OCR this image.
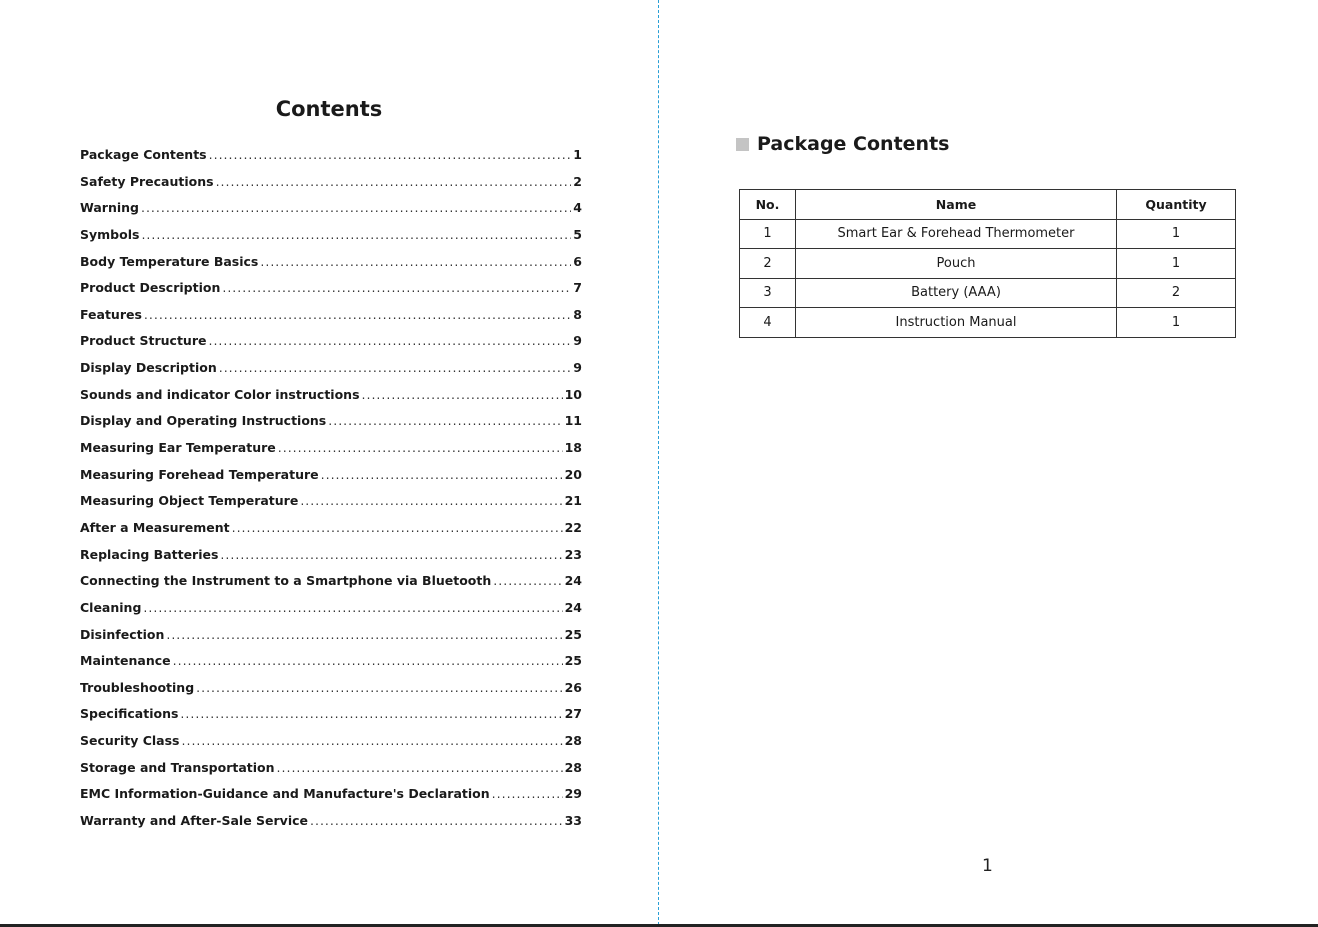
Contents
Package Contents .....	1
Safety Precautions .....	2
Warning .....	4
Symbols .....	5
Body Temperature Basics .....	6
Product Description .....	7
Features .....	8
Product Structure .....	9
Display Description .....	9
Sounds and indicator Color instructions .....	10
Display and Operating Instructions .....	11
Measuring Ear Temperature .....	18
Measuring Forehead Temperature .....	20
Measuring Object Temperature .....	21
After a Measurement .....	22
Replacing Batteries .....	23
Connecting the Instrument to a Smartphone via Bluetooth .....	24
Cleaning .....	24
Disinfection .....	25
Maintenance .....	25
Troubleshooting .....	26
Specifications .....	27
Security Class .....	28
Storage and Transportation .....	28
EMC Information-Guidance and Manufacture's Declaration .....	29
Warranty and After-Sale Service .....	33
Package Contents
No.	Name	Quantity
1	Smart Ear & Forehead Thermometer	1
2	Pouch	1
3	Battery (AAA)	2
4	Instruction Manual	1
1
